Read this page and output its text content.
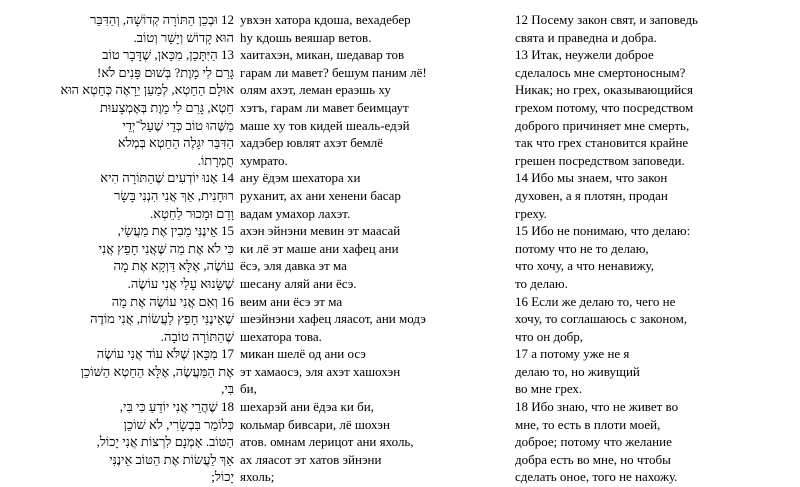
12 וּבְכֵן הַתּוֹרָה קְדוֹשָׁה, וְהַדִּבֵּר
הוּא קָדוֹשׁ וְיָשָׁר וְטוֹב.
13 הַיִּתָּכֵן, מִכָּאן, שֶׁדָּבָר טוֹב
גָּרַם לִי מָוֶת? בְּשׁוּם פָּנִים לֹא!
אוּלָם הַחֵטְא, לְמַעַן יֵרָאֶה כְּחֵטְא הוּא
חֵטְא, גָּרַם לִי מָוֶת בְּאֶמְצָעוּת
מַשֶּׁהוּ טוֹב כְּדֵי שֶׁעַל־יְדֵי
הַדִּבֵּר יִגָּלֶה הַחֵטְא בְּמְלֹא
חֻמְרָתוֹ.
14 אָנוּ יוֹדְעִים שֶׁהַתּוֹרָה הִיא
רוּחָנִית, אַךְ אֲנִי הִנְנִי בָּשָׂר
וָדָם וּמָכוּר לַחֵטְא.
15 אֵינֶנִּי מֵבִין אֶת מַעֲשַׂי,
כִּי לֹא אֶת מַה שֶּׁאֲנִי חָפֵץ אֲנִי
עוֹשֶׂה, אֶלָּא דַּוְקָא אֶת מָה
שֶׁשָּׂנוּא עָלַי אֲנִי עוֹשֶׂה.
16 וְאִם אֲנִי עוֹשֶׂה אֶת מָה
שֶׁאֵינֶנִּי חָפֵץ לַעֲשׂוֹת, אֲנִי מוֹדֶה
שֶׁהַתּוֹרָה טוֹבָה.
17 מִכָּאן שֶׁלֹּא עוֹד אֲנִי עוֹשֶׂה
אֶת הַמַּעֲשֶׂה, אֶלָּא הַחֵטְא הַשּׁוֹכֵן
בִּי,
18 שֶׁהֲרֵי אֲנִי יוֹדֵעַ כִּי בִּי,
כְּלוֹמַר בִּבְשָׂרִי, לֹא שׁוֹכֵן
הַטּוֹב. אָמְנָם לִרְצוֹת אֲנִי יָכוֹל,
אַךְ לַעֲשׂוֹת אֶת הַטּוֹב אֵינֶנִּי
יָכוֹל;
увхэн хатора кдоша, вехадебер
hу кдошь веяшар ветов.
хаитахэн, микан, шедавар тов
гарам ли мавет? бешум паним лё!
олям ахэт, леман ераэшь ху
хэтъ, гарам ли мавет беимцаут
маше ху тов кидей шеаль-едэй
хадэбер ювлят ахэт бемлё
хумрато.
ану ёдэм шехатора хи
руханит, ах ани хенени басар
вадам умахор лахэт.
ахэн эйнэни мевин эт маасай
ки лё эт маше ани хафец ани
ёсэ, эля давка эт ма
шесану аляй ани ёсэ.
веим ани ёсэ эт ма
шеэйнэни хафец ляасот, ани модэ
шехатора това.
микан шелё од ани осэ
эт хамаосэ, эля ахэт хашохэн
би,
шехарэй ани ёдэа ки би,
кольмар бивсари, лё шохэн
атов. омнам лерицот ани яхоль,
ах ляасот эт хатов эйнэни
яхоль;
12 Посему закон свят, и заповедь
свята и праведна и добра.
13 Итак, неужели доброе
сделалось мне смертоносным?
Никак; но грех, оказывающийся
грехом потому, что посредством
доброго причиняет мне смерть,
так что грех становится крайне
грешен посредством заповеди.
14 Ибо мы знаем, что закон
духовен, а я плотян, продан
греху.
15 Ибо не понимаю, что делаю:
потому что не то делаю,
что хочу, а что ненавижу,
то делаю.
16 Если же делаю то, чего не
хочу, то соглашаюсь с законом,
что он добр,
17 а потому уже не я
делаю то, но живущий
во мне грех.
18 Ибо знаю, что не живет во
мне, то есть в плоти моей,
доброе; потому что желание
добра есть во мне, но чтобы
сделать оное, того не нахожу.
